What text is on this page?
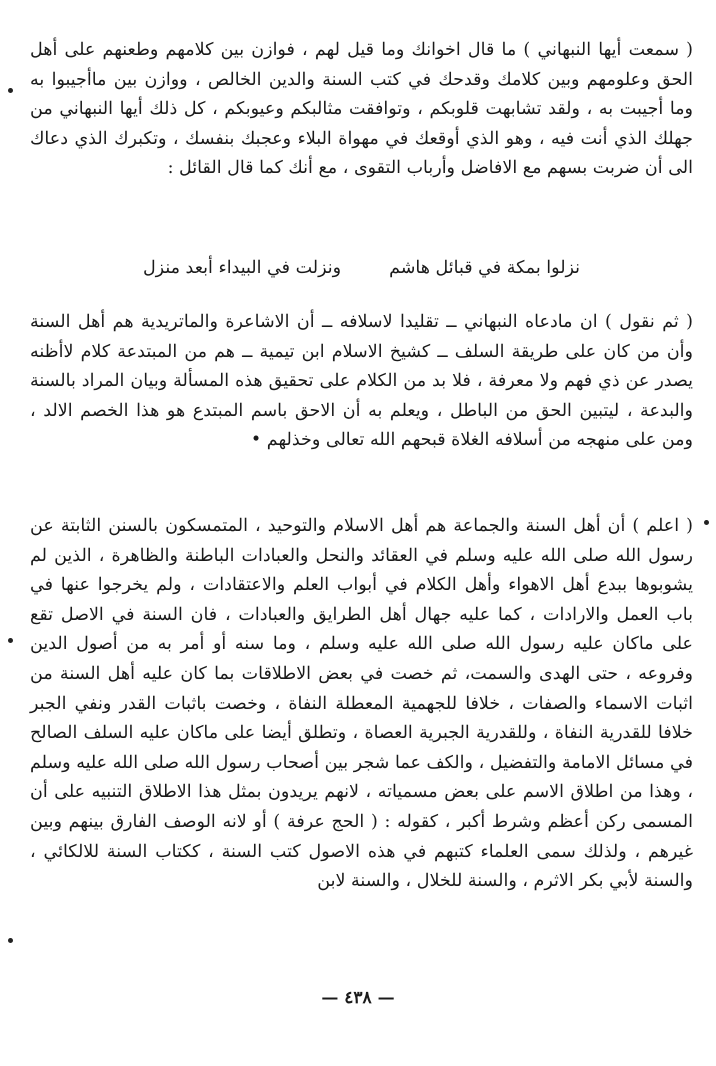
( سمعت أيها النبهاني ) ما قال اخوانك وما قيل لهم ، فوازن بين كلامهم وطعنهم على أهل الحق وعلومهم وبين كلامك وقدحك في كتب السنة والدين الخالص ، ووازن بين ماأجيبوا به وما أجيبت به ، ولقد تشابهت قلوبكم ، وتوافقت مثالبكم وعيوبكم ، كل ذلك أيها النبهاني من جهلك الذي أنت فيه ، وهو الذي أوقعك في مهواة البلاء وعجبك بنفسك ، وتكبرك الذي دعاك الى أن ضربت بسهم مع الافاضل وأرباب التقوى ، مع أنك كما قال القائل :

نزلوا بمكة في قبائل هاشم
ونزلت في البيداء أبعد منزل

( ثم نقول ) ان مادعاه النبهاني ــ تقليدا لاسلافه ــ أن الاشاعرة والماتريدية هم أهل السنة وأن من كان على طريقة السلف ــ كشيخ الاسلام ابن تيمية ــ هم من المبتدعة كلام لاأظنه يصدر عن ذي فهم ولا معرفة ، فلا بد من الكلام على تحقيق هذه المسألة وبيان المراد بالسنة والبدعة ، ليتبين الحق من الباطل ، ويعلم به أن الاحق باسم المبتدع هو هذا الخصم الالد ، ومن على منهجه من أسلافه الغلاة قبحهم الله تعالى وخذلهم •

( اعلم ) أن أهل السنة والجماعة هم أهل الاسلام والتوحيد ، المتمسكون بالسنن الثابتة عن رسول الله صلى الله عليه وسلم في العقائد والنحل والعبادات الباطنة والظاهرة ، الذين لم يشوبوها ببدع أهل الاهواء وأهل الكلام في أبواب العلم والاعتقادات ، ولم يخرجوا عنها في باب العمل والارادات ، كما عليه جهال أهل الطرايق والعبادات ، فان السنة في الاصل تقع على ماكان عليه رسول الله صلى الله عليه وسلم ، وما سنه أو أمر به من أصول الدين وفروعه ، حتى الهدى والسمت، ثم خصت في بعض الاطلاقات بما كان عليه أهل السنة من اثبات الاسماء والصفات ، خلافا للجهمية المعطلة النفاة ، وخصت باثبات القدر ونفي الجبر خلافا للقدرية النفاة ، وللقدرية الجبرية العصاة ، وتطلق أيضا على ماكان عليه السلف الصالح في مسائل الامامة والتفضيل ، والكف عما شجر بين أصحاب رسول الله صلى الله عليه وسلم ، وهذا من اطلاق الاسم على بعض مسمياته ، لانهم يريدون بمثل هذا الاطلاق التنبيه على أن المسمى ركن أعظم وشرط أكبر ، كقوله : ( الحج عرفة ) أو لانه الوصف الفارق بينهم وبين غيرهم ، ولذلك سمى العلماء كتبهم في هذه الاصول كتب السنة ، ككتاب السنة للالكائي ، والسنة لأبي بكر الاثرم ، والسنة للخلال ، والسنة لابن

— ٤٣٨ —
